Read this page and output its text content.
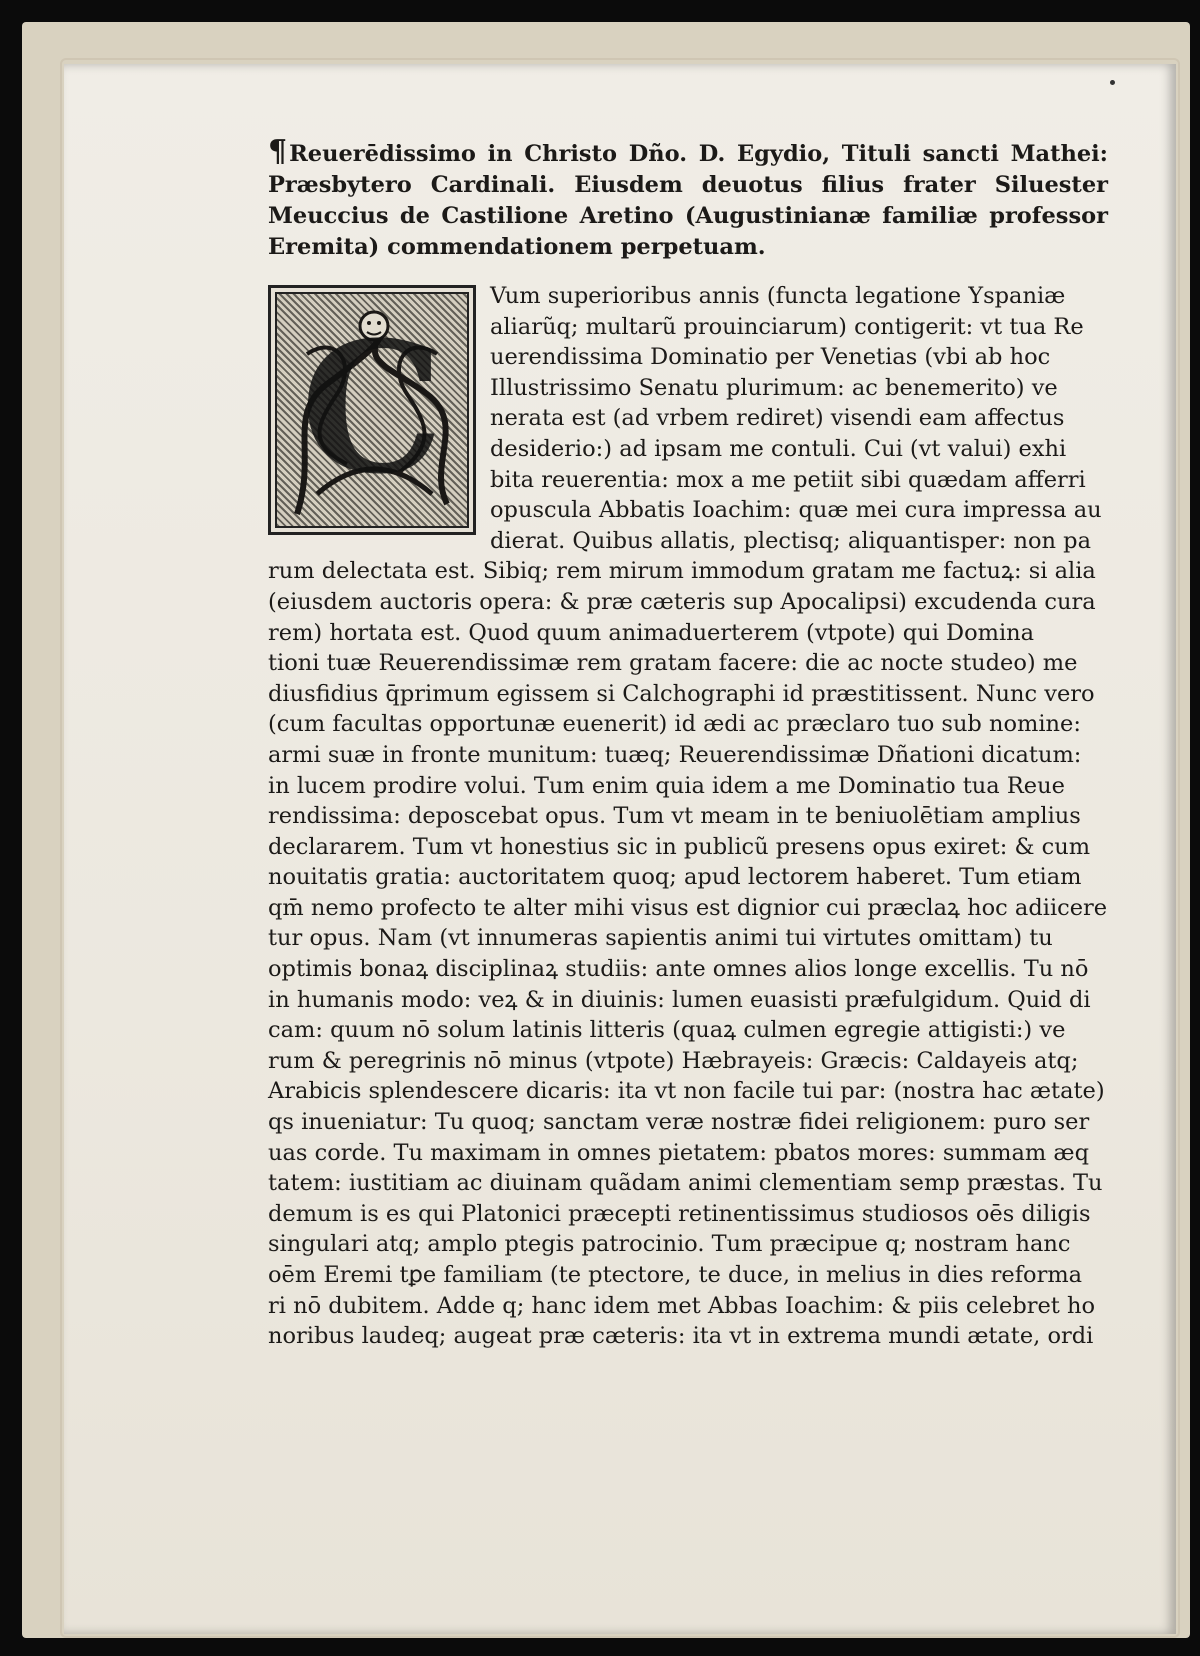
¶Reuerēdissimo in Christo Dño. D. Egydio, Tituli sancti Mathei: Præsbytero Cardinali. Eiusdem deuotus filius frater Siluester Meuccius de Castilione Aretino (Augustinianæ familiæ professor Eremita) commendationem perpetuam.

C

Vum superioribus annis (functa legatione Yspaniæ
aliarũq; multarũ prouinciarum) contigerit: vt tua Re
uerendissima Dominatio per Venetias (vbi ab hoc
Illustrissimo Senatu plurimum: ac benemerito) ve
nerata est (ad vrbem rediret) visendi eam affectus
desiderio:) ad ipsam me contuli. Cui (vt valui) exhi
bita reuerentia: mox a me petiit sibi quædam afferri
opuscula Abbatis Ioachim: quæ mei cura impressa au
dierat. Quibus allatis, plectisq; aliquantisper: non pa
rum delectata est. Sibiq; rem mirum immodum gratam me factuꝝ: si alia
(eiusdem auctoris opera: & præ cæteris sup Apocalipsi) excudenda cura
rem) hortata est. Quod quum animaduerterem (vtpote) qui Domina
tioni tuæ Reuerendissimæ rem gratam facere: die ac nocte studeo) me
diusfidius q̄primum egissem si Calchographi id præstitissent. Nunc vero
(cum facultas opportunæ euenerit) id ædi ac præclaro tuo sub nomine:
armi suæ in fronte munitum: tuæq; Reuerendissimæ Dñationi dicatum:
in lucem prodire volui. Tum enim quia idem a me Dominatio tua Reue
rendissima: deposcebat opus. Tum vt meam in te beniuolētiam amplius
declararem. Tum vt honestius sic in publicũ presens opus exiret: & cum
nouitatis gratia: auctoritatem quoq; apud lectorem haberet. Tum etiam
qm̄ nemo profecto te alter mihi visus est dignior cui præclaꝝ hoc adiicere
tur opus. Nam (vt innumeras sapientis animi tui virtutes omittam) tu
optimis bonaꝝ disciplinaꝝ studiis: ante omnes alios longe excellis. Tu nō
in humanis modo: veꝝ & in diuinis: lumen euasisti præfulgidum. Quid di
cam: quum nō solum latinis litteris (quaꝝ culmen egregie attigisti:) ve
rum & peregrinis nō minus (vtpote) Hæbrayeis: Græcis: Caldayeis atq;
Arabicis splendescere dicaris: ita vt non facile tui par: (nostra hac ætate)
qs inueniatur: Tu quoq; sanctam veræ nostræ fidei religionem: puro ser
uas corde. Tu maximam in omnes pietatem: pbatos mores: summam æq
tatem: iustitiam ac diuinam quãdam animi clementiam semp præstas. Tu
demum is es qui Platonici præcepti retinentissimus studiosos oēs diligis
singulari atq; amplo ptegis patrocinio. Tum præcipue q; nostram hanc
oēm Eremi tꝑe familiam (te ptectore, te duce, in melius in dies reforma
ri nō dubitem. Adde q; hanc idem met Abbas Ioachim: & piis celebret ho
noribus laudeq; augeat præ cæteris: ita vt in extrema mundi ætate, ordi
